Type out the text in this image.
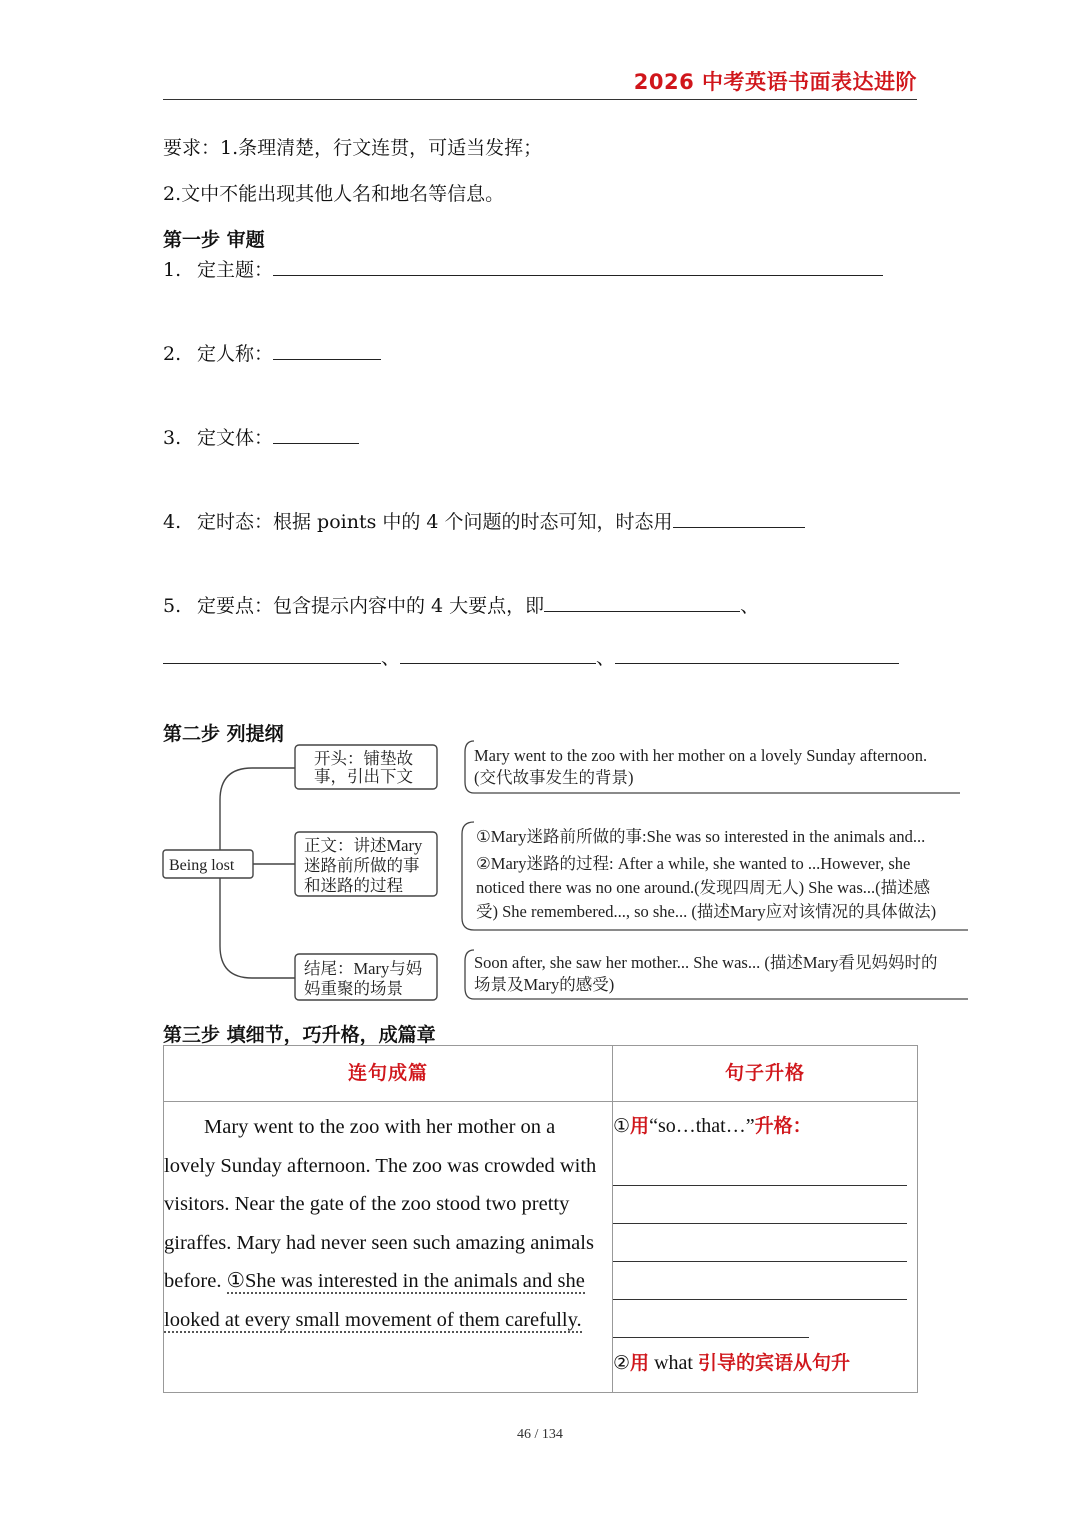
2026 中考英语书面表达进阶
要求：1.条理清楚，行文连贯，可适当发挥；
2.文中不能出现其他人名和地名等信息。
第一步 审题
1. 定主题：
2. 定人称：
3. 定文体：
4. 定时态：根据 points 中的 4 个问题的时态可知，时态用
5. 定要点：包含提示内容中的 4 大要点，即	、
、	、
第二步 列提纲
Being lost
开头：铺垫故
事，引出下文
Mary went to the zoo with her mother on a lovely Sunday afternoon.
(交代故事发生的背景)
正文：讲述Mary
迷路前所做的事
和迷路的过程
①Mary迷路前所做的事:She was so interested in the animals and...
②Mary迷路的过程: After a while, she wanted to ...However, she
noticed there was no one around.(发现四周无人) She was...(描述感
受) She remembered..., so she... (描述Mary应对该情况的具体做法)
结尾：Mary与妈
妈重聚的场景
Soon after, she saw her mother... She was... (描述Mary看见妈妈时的
场景及Mary的感受)
第三步 填细节，巧升格，成篇章
连句成篇	句子升格

Mary went to the zoo with her mother on a lovely Sunday afternoon. The zoo was crowded with visitors. Near the gate of the zoo stood two pretty giraffes. Mary had never seen such amazing animals before. ①She was interested in the animals and she looked at every small movement of them carefully.	①用“so…that…”升格：
②用 what 引导的宾语从句升
46 / 134
